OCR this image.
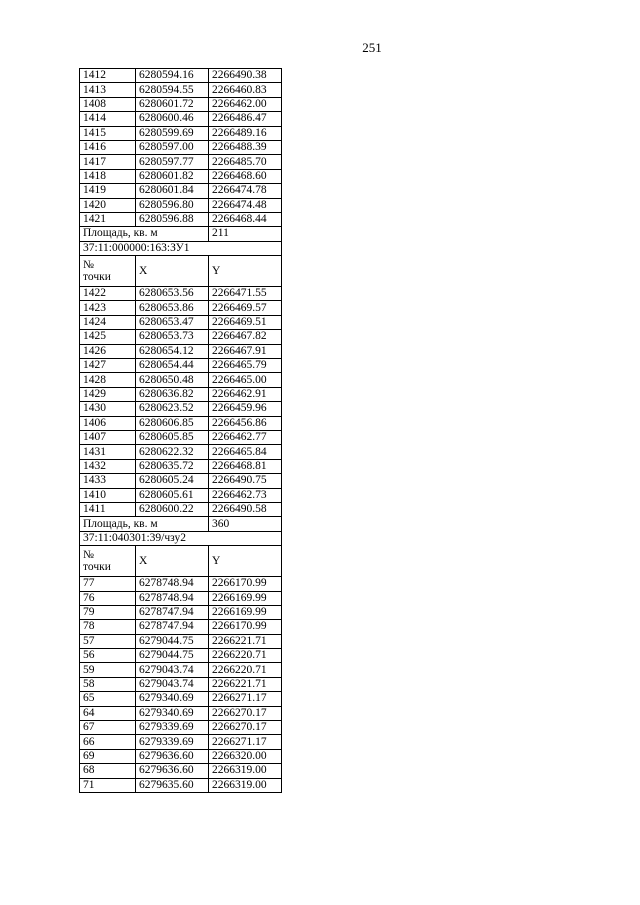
251
1412	6280594.16	2266490.38
1413	6280594.55	2266460.83
1408	6280601.72	2266462.00
1414	6280600.46	2266486.47
1415	6280599.69	2266489.16
1416	6280597.00	2266488.39
1417	6280597.77	2266485.70
1418	6280601.82	2266468.60
1419	6280601.84	2266474.78
1420	6280596.80	2266474.48
1421	6280596.88	2266468.44
Площадь, кв. м		211
37:11:000000:163:ЗУ1		
№
точки	X	Y
1422	6280653.56	2266471.55
1423	6280653.86	2266469.57
1424	6280653.47	2266469.51
1425	6280653.73	2266467.82
1426	6280654.12	2266467.91
1427	6280654.44	2266465.79
1428	6280650.48	2266465.00
1429	6280636.82	2266462.91
1430	6280623.52	2266459.96
1406	6280606.85	2266456.86
1407	6280605.85	2266462.77
1431	6280622.32	2266465.84
1432	6280635.72	2266468.81
1433	6280605.24	2266490.75
1410	6280605.61	2266462.73
1411	6280600.22	2266490.58
Площадь, кв. м		360
37:11:040301:39/чзу2		
№
точки	X	Y
77	6278748.94	2266170.99
76	6278748.94	2266169.99
79	6278747.94	2266169.99
78	6278747.94	2266170.99
57	6279044.75	2266221.71
56	6279044.75	2266220.71
59	6279043.74	2266220.71
58	6279043.74	2266221.71
65	6279340.69	2266271.17
64	6279340.69	2266270.17
67	6279339.69	2266270.17
66	6279339.69	2266271.17
69	6279636.60	2266320.00
68	6279636.60	2266319.00
71	6279635.60	2266319.00
